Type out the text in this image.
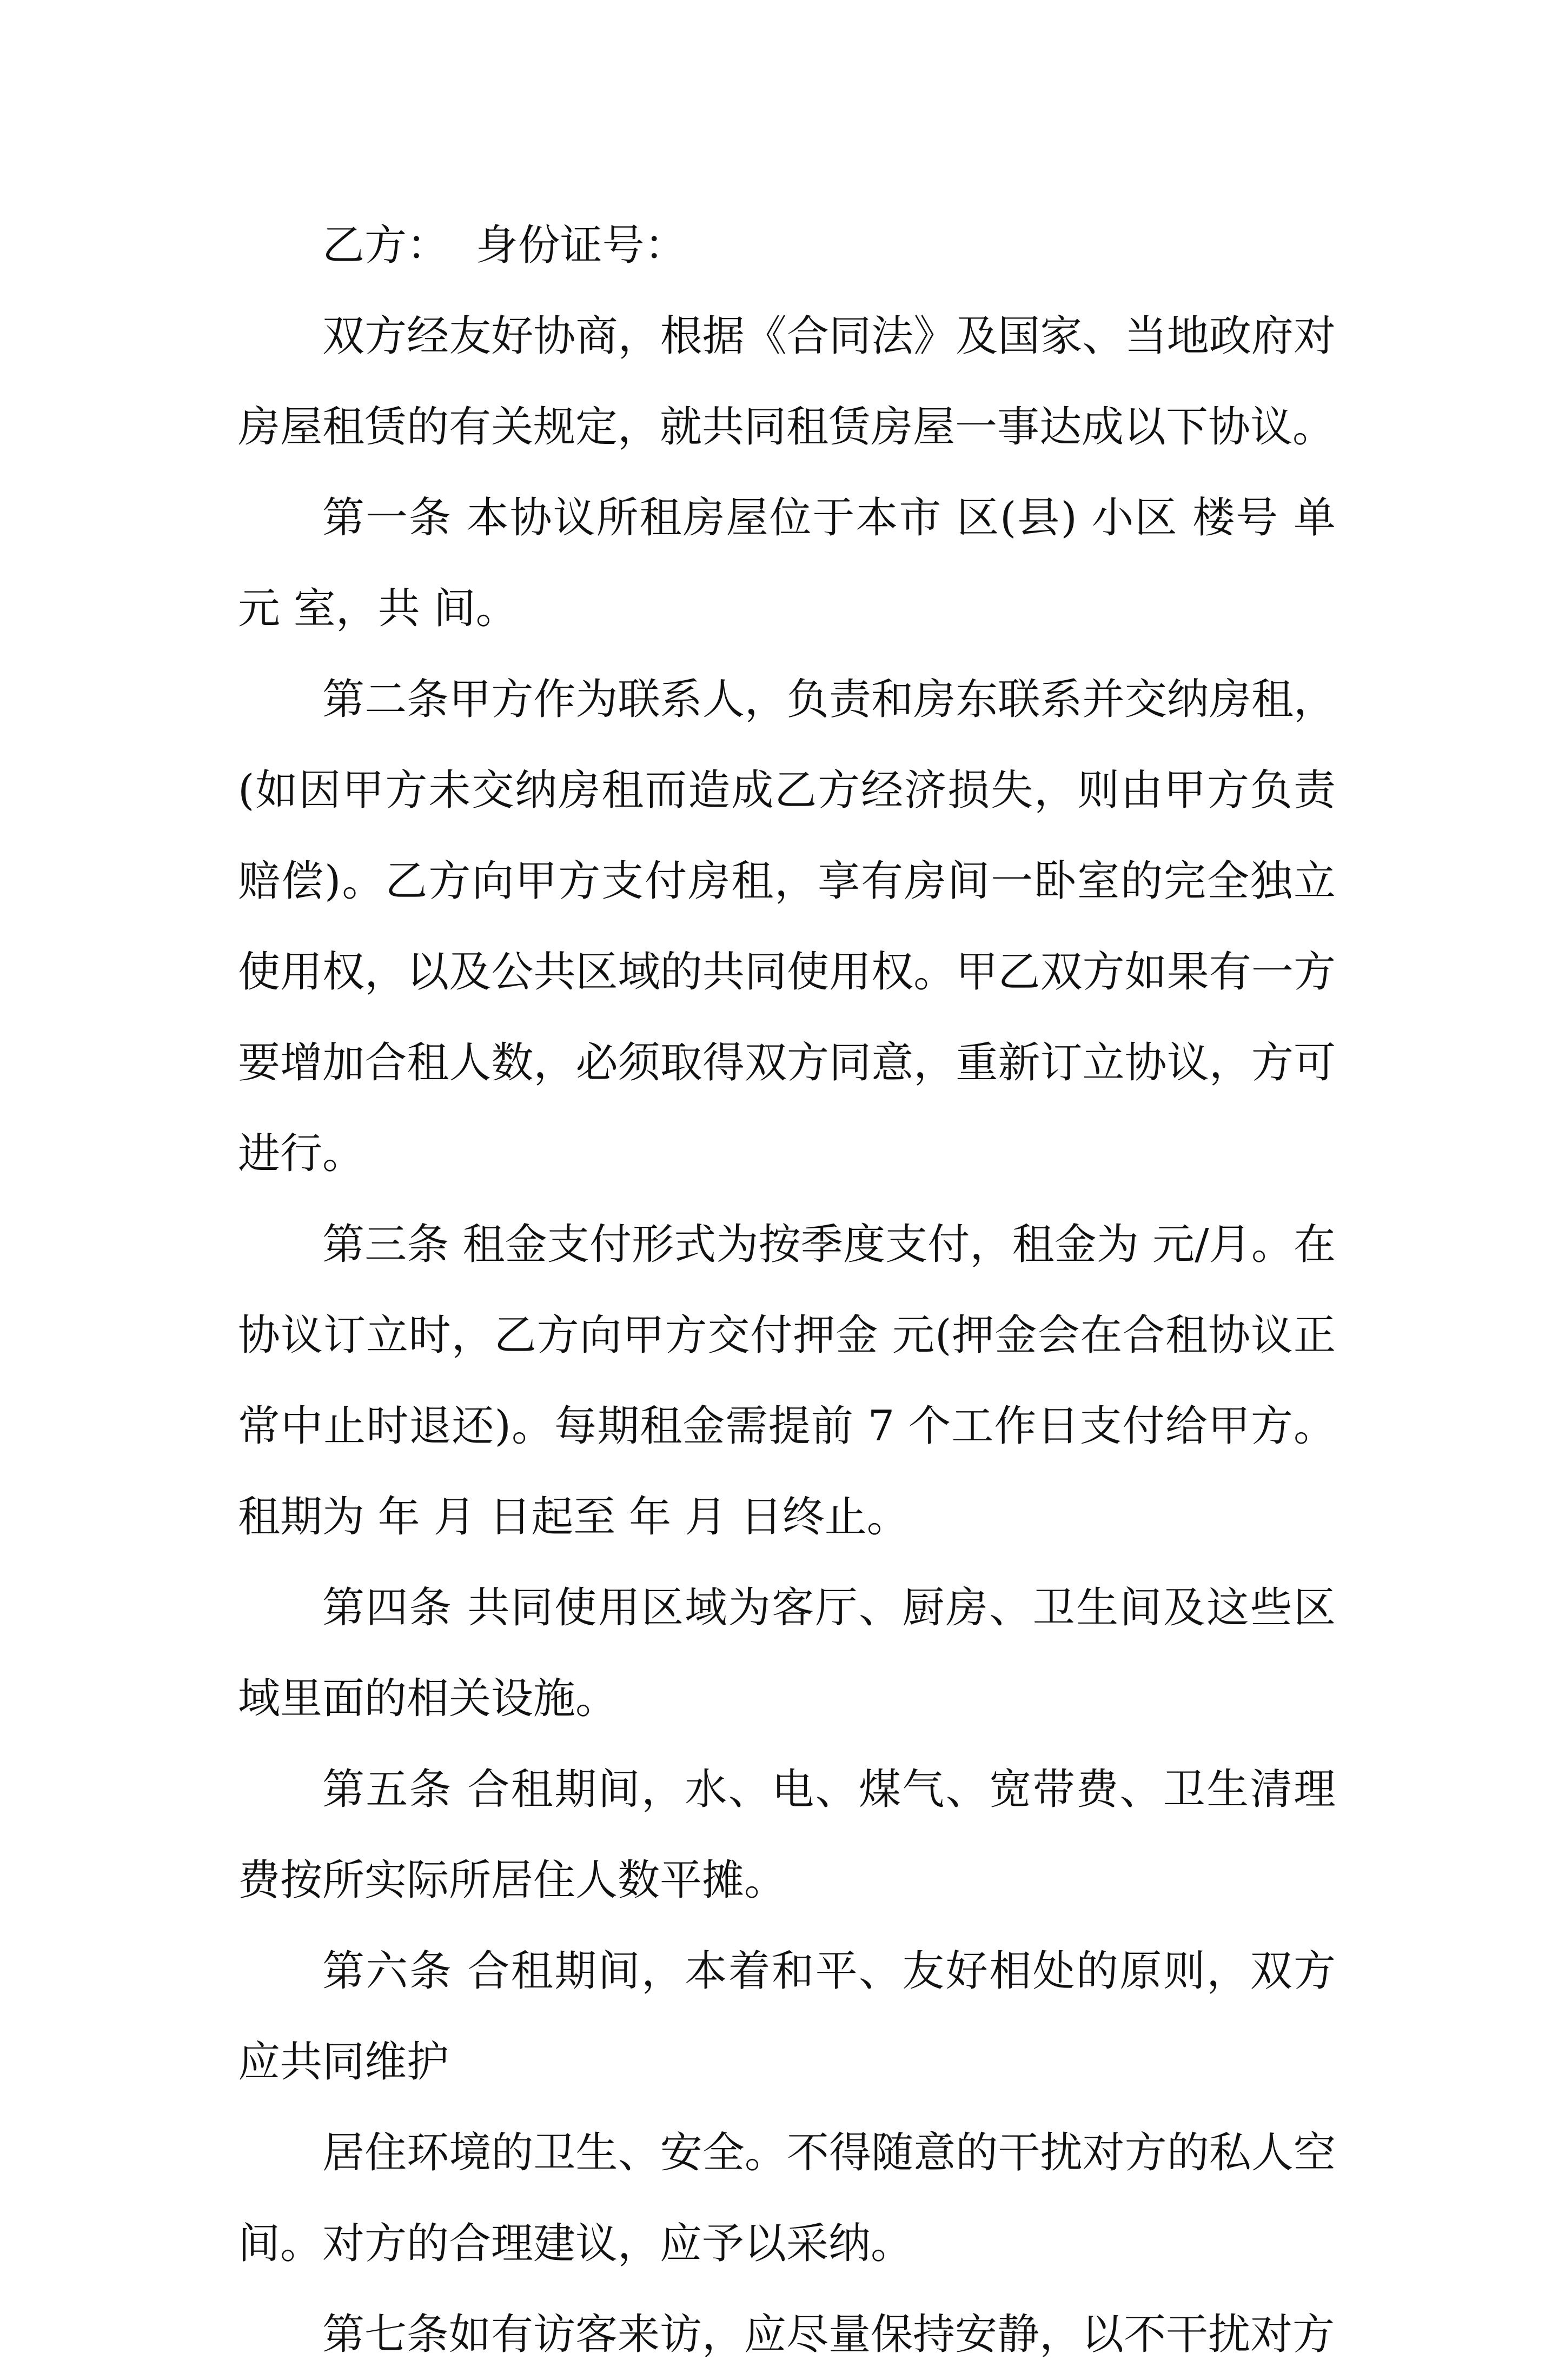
乙方：  身份证号：

双方经友好协商，根据《合同法》及国家、当地政府对房屋租赁的有关规定，就共同租赁房屋一事达成以下协议。

第一条 本协议所租房屋位于本市 区(县) 小区 楼号 单元 室，共 间。

第二条甲方作为联系人，负责和房东联系并交纳房租，(如因甲方未交纳房租而造成乙方经济损失，则由甲方负责赔偿)。乙方向甲方支付房租，享有房间一卧室的完全独立使用权，以及公共区域的共同使用权。甲乙双方如果有一方要增加合租人数，必须取得双方同意，重新订立协议，方可进行。

第三条 租金支付形式为按季度支付，租金为 元/月。在协议订立时，乙方向甲方交付押金 元(押金会在合租协议正常中止时退还)。每期租金需提前 7 个工作日支付给甲方。租期为 年 月 日起至 年 月 日终止。

第四条 共同使用区域为客厅、厨房、卫生间及这些区域里面的相关设施。

第五条 合租期间，水、电、煤气、宽带费、卫生清理费按所实际所居住人数平摊。

第六条 合租期间，本着和平、友好相处的原则，双方应共同维护

居住环境的卫生、安全。不得随意的干扰对方的私人空间。对方的合理建议，应予以采纳。

第七条如有访客来访，应尽量保持安静，以不干扰对方
